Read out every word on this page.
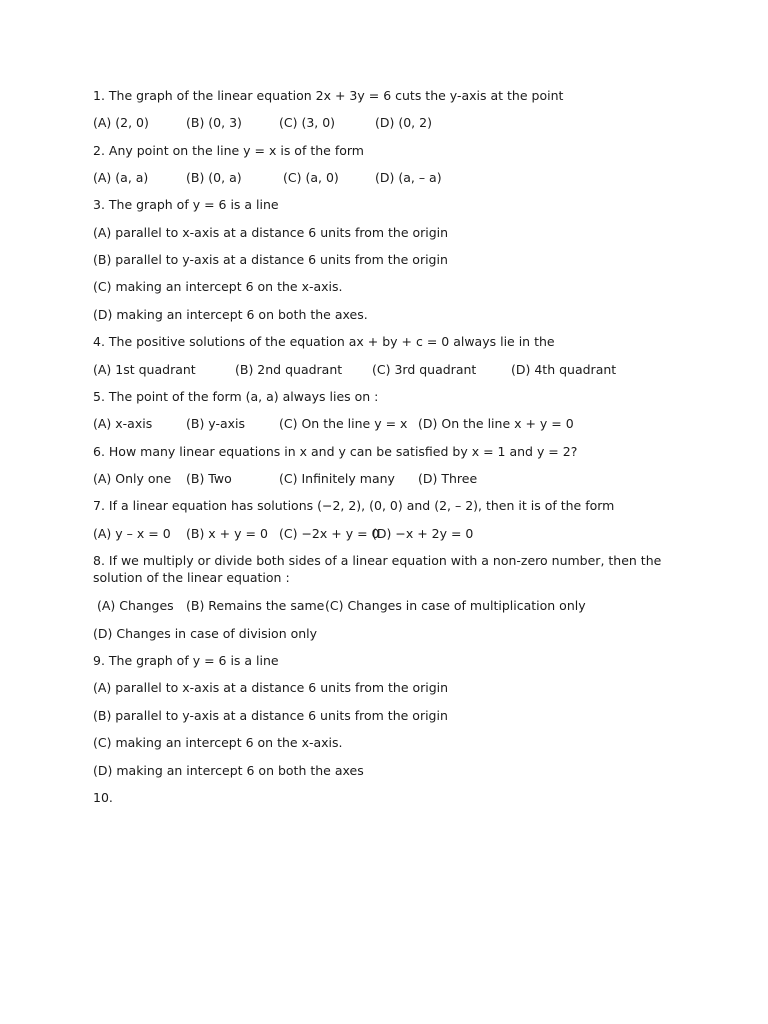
1. The graph of the linear equation 2x + 3y = 6 cuts the y-axis at the point
(A) (2, 0)	(B) (0, 3)	(C) (3, 0)	(D) (0, 2)
2. Any point on the line y = x is of the form
(A) (a, a)	(B) (0, a)	(C) (a, 0)	(D) (a, – a)
3. The graph of y = 6 is a line
(A) parallel to x-axis at a distance 6 units from the origin
(B) parallel to y-axis at a distance 6 units from the origin
(C) making an intercept 6 on the x-axis.
(D) making an intercept 6 on both the axes.
4. The positive solutions of the equation ax + by + c = 0 always lie in the
(A) 1st quadrant	(B) 2nd quadrant (C) 3rd quadrant	(D) 4th quadrant
5. The point of the form (a, a) always lies on :
(A) x-axis	(B) y-axis	(C) On the line y = x (D) On the line x + y = 0
6. How many linear equations in x and y can be satisfied by x = 1 and y = 2?
(A) Only one (B) Two	(C) Infinitely many (D) Three
7. If a linear equation has solutions (−2, 2), (0, 0) and (2, – 2), then it is of the form
(A) y – x = 0 (B) x + y = 0 (C) −2x + y = 0
(D) −x + 2y = 0
8. If we multiply or divide both sides of a linear equation with a non-zero number, then the solution of the linear equation :
(A) Changes (B) Remains the same (C) Changes in case of multiplication only
(D) Changes in case of division only
9. The graph of y = 6 is a line
(A) parallel to x-axis at a distance 6 units from the origin
(B) parallel to y-axis at a distance 6 units from the origin
(C) making an intercept 6 on the x-axis.
(D) making an intercept 6 on both the axes
10.
